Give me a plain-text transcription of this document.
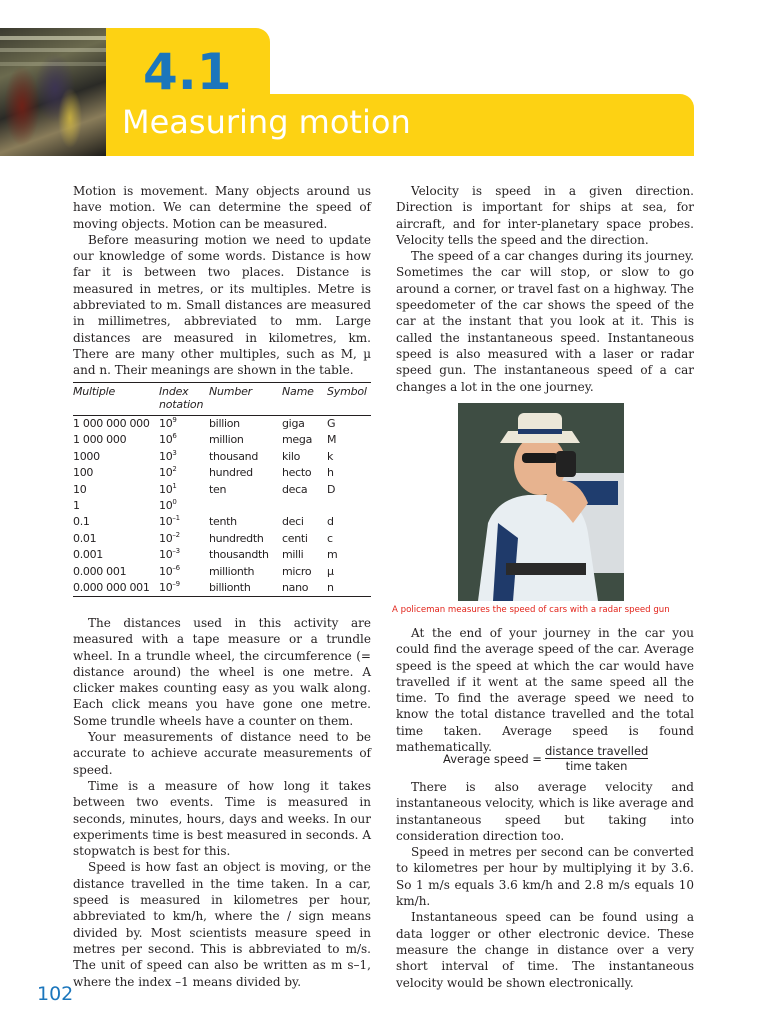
4.1
Measuring motion

Motion is movement. Many objects around us have motion. We can determine the speed of moving objects. Motion can be measured.

Before measuring motion we need to update our knowledge of some words. Distance is how far it is between two places. Distance is measured in metres, or its multiples. Metre is abbreviated to m. Small distances are measured in millimetres, abbreviated to mm. Large distances are measured in kilometres, km. There are many other multiples, such as M, µ and n. Their meanings are shown in the table.

Multiple	Index notation	Number	Name	Symbol
1 000 000 000	$10^9$	billion	giga	G
1 000 000	$10^6$	million	mega	M
1000	$10^3$	thousand	kilo	k
100	$10^2$	hundred	hecto	h
10	$10^1$	ten	deca	D
1	$10^0$			
0.1	$10^{-1}$	tenth	deci	d
0.01	$10^{-2}$	hundredth	centi	c
0.001	$10^{-3}$	thousandth	milli	m
0.000 001	$10^{-6}$	millionth	micro	µ
0.000 000 001	$10^{-9}$	billionth	nano	n

The distances used in this activity are measured with a tape measure or a trundle wheel. In a trundle wheel, the circumference (= distance around) the wheel is one metre. A clicker makes counting easy as you walk along. Each click means you have gone one metre. Some trundle wheels have a counter on them.

Your measurements of distance need to be accurate to achieve accurate measurements of speed.

Time is a measure of how long it takes between two events. Time is measured in seconds, minutes, hours, days and weeks. In our experiments time is best measured in seconds. A stopwatch is best for this.

Speed is how fast an object is moving, or the distance travelled in the time taken. In a car, speed is measured in kilometres per hour, abbreviated to km/h, where the / sign means divided by. Most scientists measure speed in metres per second. This is abbreviated to m/s. The unit of speed can also be written as m s–1, where the index –1 means divided by.

Velocity is speed in a given direction. Direction is important for ships at sea, for aircraft, and for inter-planetary space probes. Velocity tells the speed and the direction.

The speed of a car changes during its journey. Sometimes the car will stop, or slow to go around a corner, or travel fast on a highway. The speedometer of the car shows the speed of the car at the instant that you look at it. This is called the instantaneous speed. Instantaneous speed is also measured with a laser or radar speed gun. The instantaneous speed of a car changes a lot in the one journey.

A policeman measures the speed of cars with a radar speed gun

At the end of your journey in the car you could find the average speed of the car. Average speed is the speed at which the car would have travelled if it went at the same speed all the time. To find the average speed we need to know the total distance travelled and the total time taken. Average speed is found mathematically.

Average speed =
distance travelled
time taken

There is also average velocity and instantaneous velocity, which is like average and instantaneous speed but taking into consideration direction too.

Speed in metres per second can be converted to kilometres per hour by multiplying it by 3.6. So 1 m/s equals 3.6 km/h and 2.8 m/s equals 10 km/h.

Instantaneous speed can be found using a data logger or other electronic device. These measure the change in distance over a very short interval of time. The instantaneous velocity would be shown electronically.

102
